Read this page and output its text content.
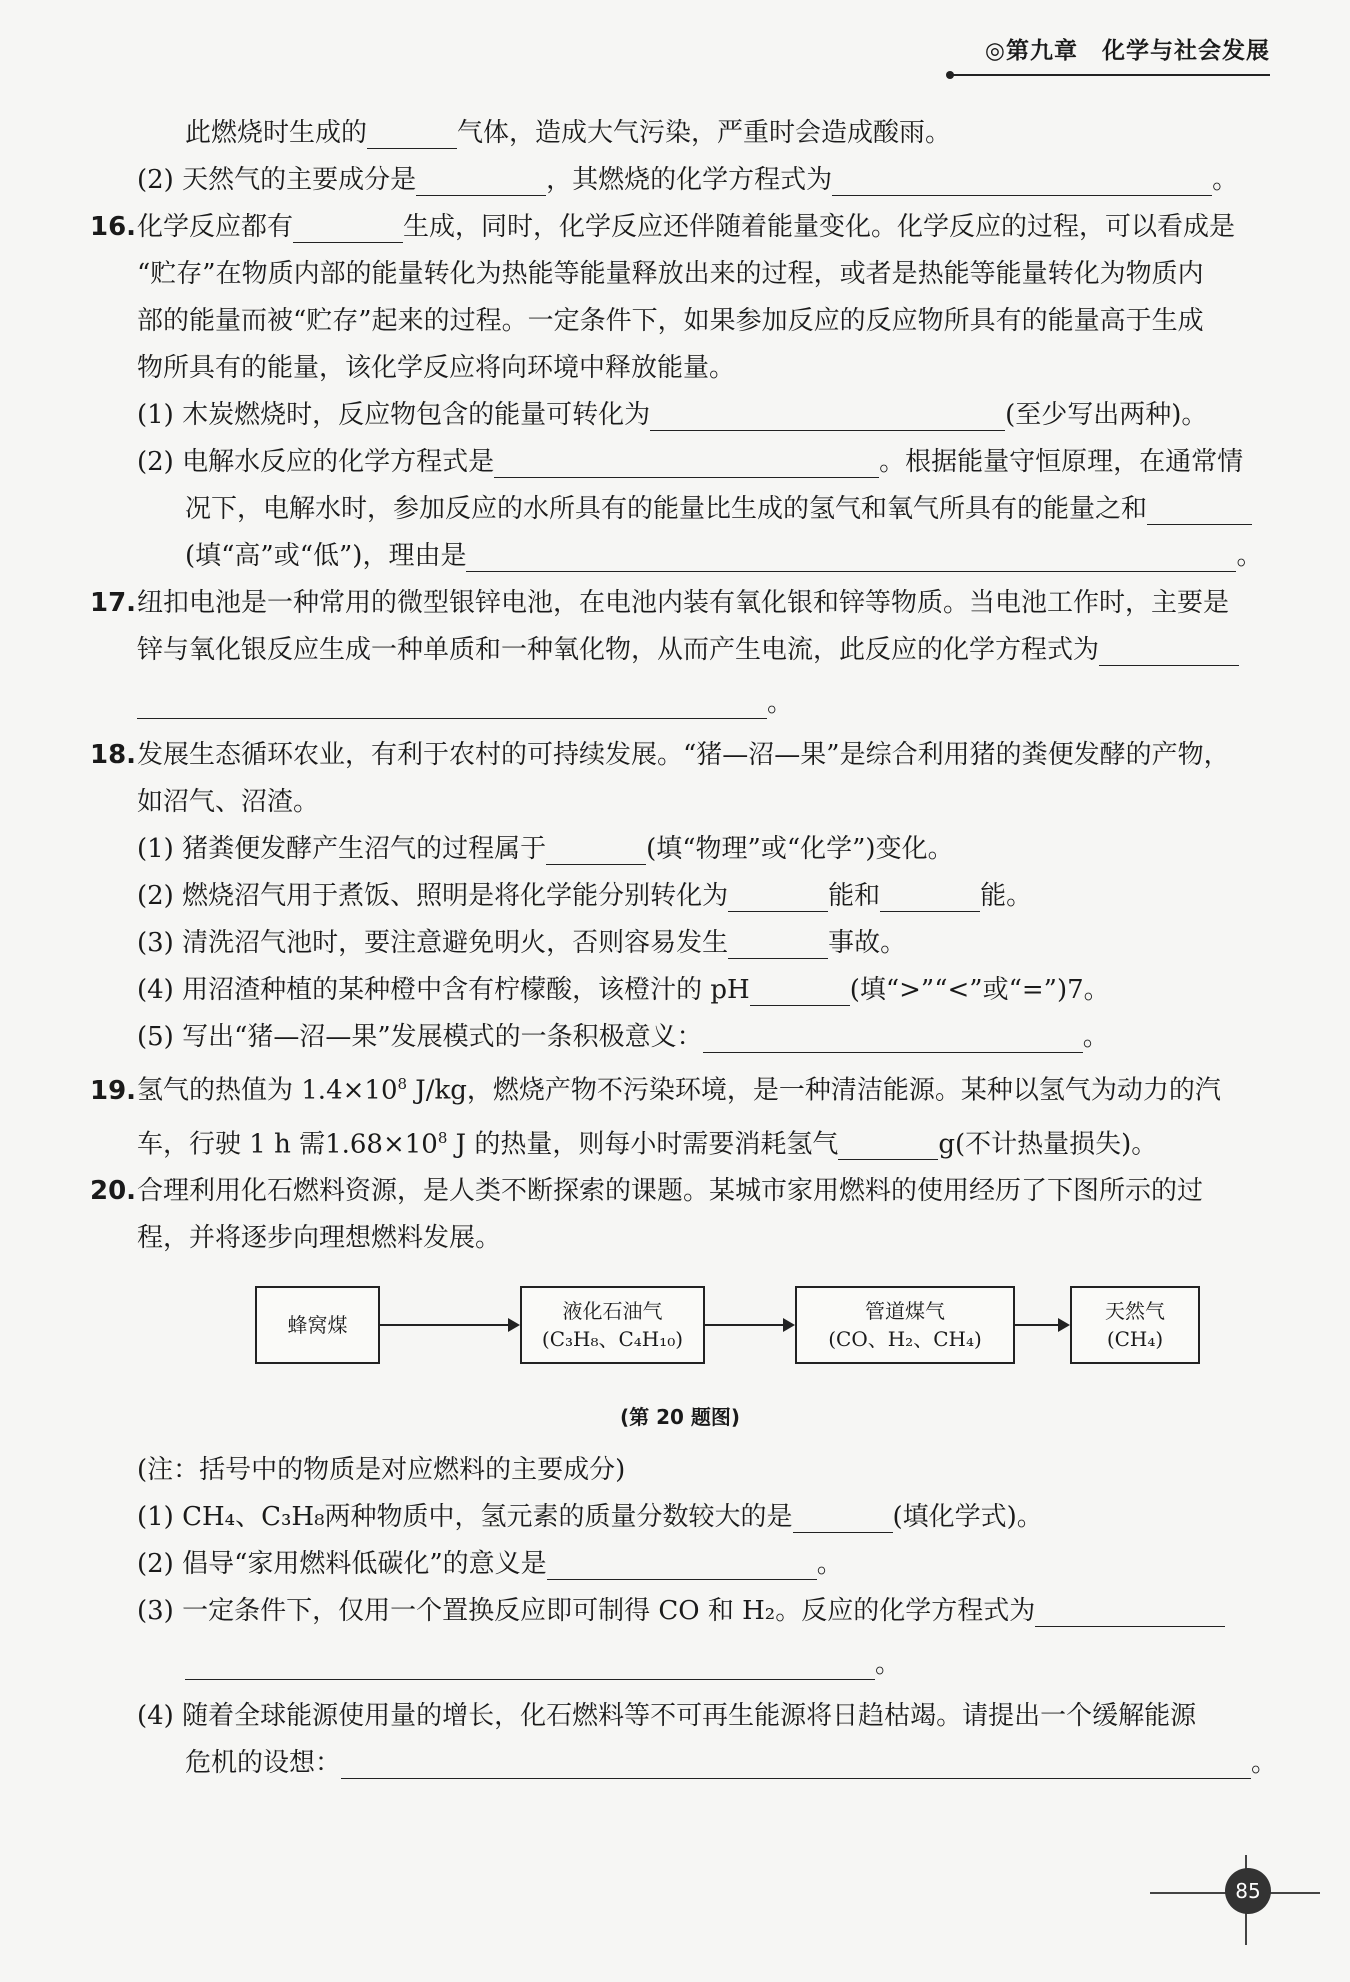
◎第九章　化学与社会发展
此燃烧时生成的	气体，造成大气污染，严重时会造成酸雨。
(2) 天然气的主要成分是	，其燃烧的化学方程式为	。
16.化学反应都有	生成，同时，化学反应还伴随着能量变化。化学反应的过程，可以看成是
“贮存”在物质内部的能量转化为热能等能量释放出来的过程，或者是热能等能量转化为物质内
部的能量而被“贮存”起来的过程。一定条件下，如果参加反应的反应物所具有的能量高于生成
物所具有的能量，该化学反应将向环境中释放能量。
(1) 木炭燃烧时，反应物包含的能量可转化为	(至少写出两种)。
(2) 电解水反应的化学方程式是	。根据能量守恒原理，在通常情
况下，电解水时，参加反应的水所具有的能量比生成的氢气和氧气所具有的能量之和
(填“高”或“低”)，理由是	。
17.纽扣电池是一种常用的微型银锌电池，在电池内装有氧化银和锌等物质。当电池工作时，主要是
锌与氧化银反应生成一种单质和一种氧化物，从而产生电流，此反应的化学方程式为
。
18.发展生态循环农业，有利于农村的可持续发展。“猪—沼—果”是综合利用猪的粪便发酵的产物，
如沼气、沼渣。
(1) 猪粪便发酵产生沼气的过程属于	(填“物理”或“化学”)变化。
(2) 燃烧沼气用于煮饭、照明是将化学能分别转化为	能和	能。
(3) 清洗沼气池时，要注意避免明火，否则容易发生	事故。
(4) 用沼渣种植的某种橙中含有柠檬酸，该橙汁的 pH	(填“>”“<”或“=”)7。
(5) 写出“猪—沼—果”发展模式的一条积极意义：	。
19.氢气的热值为 $1.4\times 10^8$ J/kg，燃烧产物不污染环境，是一种清洁能源。某种以氢气为动力的汽
车，行驶 1 h 需$1.68\times 10^8$ J 的热量，则每小时需要消耗氢气	g(不计热量损失)。
20.合理利用化石燃料资源，是人类不断探索的课题。某城市家用燃料的使用经历了下图所示的过
程，并将逐步向理想燃料发展。
蜂窝煤
液化石油气
(C₃H₈、C₄H₁₀)
管道煤气
(CO、H₂、CH₄)
天然气
(CH₄)
(第 20 题图)
(注：括号中的物质是对应燃料的主要成分)
(1) CH₄、C₃H₈两种物质中，氢元素的质量分数较大的是	(填化学式)。
(2) 倡导“家用燃料低碳化”的意义是	。
(3) 一定条件下，仅用一个置换反应即可制得 CO 和 H₂。反应的化学方程式为
。
(4) 随着全球能源使用量的增长，化石燃料等不可再生能源将日趋枯竭。请提出一个缓解能源
危机的设想：	。
85
